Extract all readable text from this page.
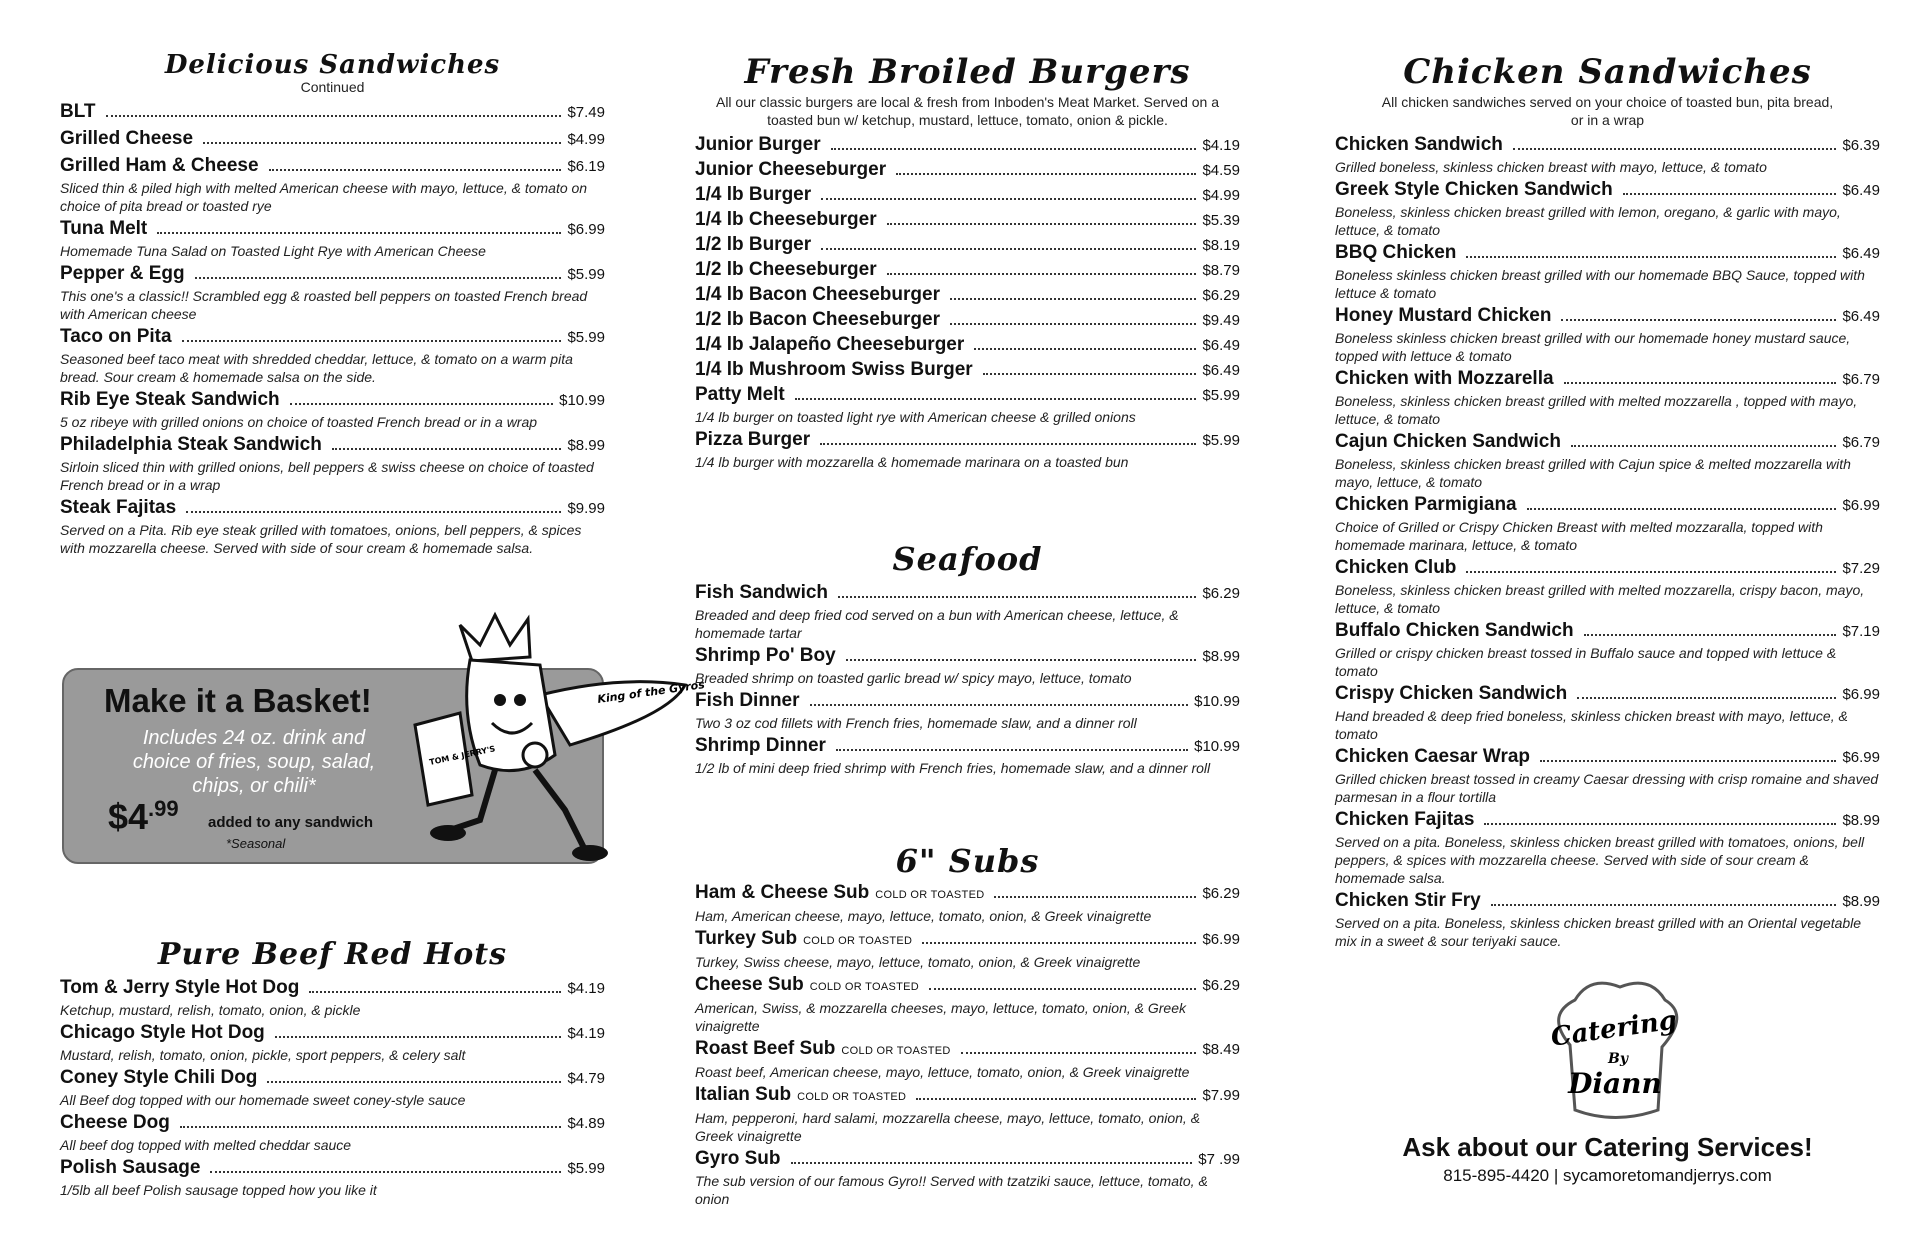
Delicious Sandwiches
Continued
BLT	$7.49
Grilled Cheese	$4.99
Grilled Ham & Cheese	$6.19
Sliced thin & piled high with melted American cheese with mayo, lettuce, & tomato on choice of pita bread or toasted rye
Tuna Melt	$6.99
Homemade Tuna Salad on Toasted Light Rye with American Cheese
Pepper & Egg	$5.99
This one's a classic!! Scrambled egg & roasted bell peppers on toasted French bread with American cheese
Taco on Pita	$5.99
Seasoned beef taco meat with shredded cheddar, lettuce, & tomato on a warm pita bread. Sour cream & homemade salsa on the side.
Rib Eye Steak Sandwich	$10.99
5 oz ribeye with grilled onions on choice of toasted French bread or in a wrap
Philadelphia Steak Sandwich	$8.99
Sirloin sliced thin with grilled onions, bell peppers & swiss cheese on choice of toasted French bread or in a wrap
Steak Fajitas	$9.99
Served on a Pita. Rib eye steak grilled with tomatoes, onions, bell peppers, & spices with mozzarella cheese. Served with side of sour cream & homemade salsa.
Make it a Basket!
Includes 24 oz. drink and choice of fries, soup, salad, chips, or chili*
$\$4^{.99}$
added to any sandwich
*Seasonal
King of the Gyros
TOM & JERRY'S
Pure Beef Red Hots
Tom & Jerry Style Hot Dog	$4.19
Ketchup, mustard, relish, tomato, onion, & pickle
Chicago Style Hot Dog	$4.19
Mustard, relish, tomato, onion, pickle, sport peppers, & celery salt
Coney Style Chili Dog	$4.79
All Beef dog topped with our homemade sweet coney-style sauce
Cheese Dog	$4.89
All beef dog topped with melted cheddar sauce
Polish Sausage	$5.99
1/5lb all beef Polish sausage topped how you like it
Fresh Broiled Burgers
All our classic burgers are local & fresh from Inboden's Meat Market. Served on a toasted bun w/ ketchup, mustard, lettuce, tomato, onion & pickle.
Junior Burger	$4.19
Junior Cheeseburger	$4.59
1/4 lb Burger	$4.99
1/4 lb Cheeseburger	$5.39
1/2 lb Burger	$8.19
1/2 lb Cheeseburger	$8.79
1/4 lb Bacon Cheeseburger	$6.29
1/2 lb Bacon Cheeseburger	$9.49
1/4 lb Jalapeño Cheeseburger	$6.49
1/4 lb Mushroom Swiss Burger	$6.49
Patty Melt	$5.99
1/4 lb burger on toasted light rye with American cheese & grilled onions
Pizza Burger	$5.99
1/4 lb burger with mozzarella & homemade marinara on a toasted bun
Seafood
Fish Sandwich	$6.29
Breaded and deep fried cod served on a bun with American cheese, lettuce, & homemade tartar
Shrimp Po' Boy	$8.99
Breaded shrimp on toasted garlic bread w/ spicy mayo, lettuce, tomato
Fish Dinner	$10.99
Two 3 oz cod fillets with French fries, homemade slaw, and a dinner roll
Shrimp Dinner	$10.99
1/2 lb of mini deep fried shrimp with French fries, homemade slaw, and a dinner roll
6" Subs
Ham & Cheese Sub COLD OR TOASTED	$6.29
Ham, American cheese, mayo, lettuce, tomato, onion, & Greek vinaigrette
Turkey Sub COLD OR TOASTED	$6.99
Turkey, Swiss cheese, mayo, lettuce, tomato, onion, & Greek vinaigrette
Cheese Sub COLD OR TOASTED	$6.29
American, Swiss, & mozzarella cheeses, mayo, lettuce, tomato, onion, & Greek vinaigrette
Roast Beef Sub COLD OR TOASTED	$8.49
Roast beef, American cheese, mayo, lettuce, tomato, onion, & Greek vinaigrette
Italian Sub COLD OR TOASTED	$7.99
Ham, pepperoni, hard salami, mozzarella cheese, mayo, lettuce, tomato, onion, & Greek vinaigrette
Gyro Sub	$7 .99
The sub version of our famous Gyro!! Served with tzatziki sauce, lettuce, tomato, & onion
Chicken Sandwiches
All chicken sandwiches served on your choice of toasted bun, pita bread, or in a wrap
Chicken Sandwich	$6.39
Grilled boneless, skinless chicken breast with mayo, lettuce, & tomato
Greek Style Chicken Sandwich	$6.49
Boneless, skinless chicken breast grilled with lemon, oregano, & garlic with mayo, lettuce, & tomato
BBQ Chicken	$6.49
Boneless skinless chicken breast grilled with our homemade BBQ Sauce, topped with lettuce & tomato
Honey Mustard Chicken	$6.49
Boneless skinless chicken breast grilled with our homemade honey mustard sauce, topped with lettuce & tomato
Chicken with Mozzarella	$6.79
Boneless, skinless chicken breast grilled with melted mozzarella , topped with mayo, lettuce, & tomato
Cajun Chicken Sandwich	$6.79
Boneless, skinless chicken breast grilled with Cajun spice & melted mozzarella with mayo, lettuce, & tomato
Chicken Parmigiana	$6.99
Choice of Grilled or Crispy Chicken Breast with melted mozzaralla, topped with homemade marinara, lettuce, & tomato
Chicken Club	$7.29
Boneless, skinless chicken breast grilled with melted mozzarella, crispy bacon, mayo, lettuce, & tomato
Buffalo Chicken Sandwich	$7.19
Grilled or crispy chicken breast tossed in Buffalo sauce and topped with lettuce & tomato
Crispy Chicken Sandwich	$6.99
Hand breaded & deep fried boneless, skinless chicken breast with mayo, lettuce, & tomato
Chicken Caesar Wrap	$6.99
Grilled chicken breast tossed in creamy Caesar dressing with crisp romaine and shaved parmesan in a flour tortilla
Chicken Fajitas	$8.99
Served on a pita. Boneless, skinless chicken breast grilled with tomatoes, onions, bell peppers, & spices with mozzarella cheese. Served with side of sour cream & homemade salsa.
Chicken Stir Fry	$8.99
Served on a pita. Boneless, skinless chicken breast grilled with an Oriental vegetable mix in a sweet & sour teriyaki sauce.
Catering
By
Diann
Ask about our Catering Services!
815-895-4420 | sycamoretomandjerrys.com
